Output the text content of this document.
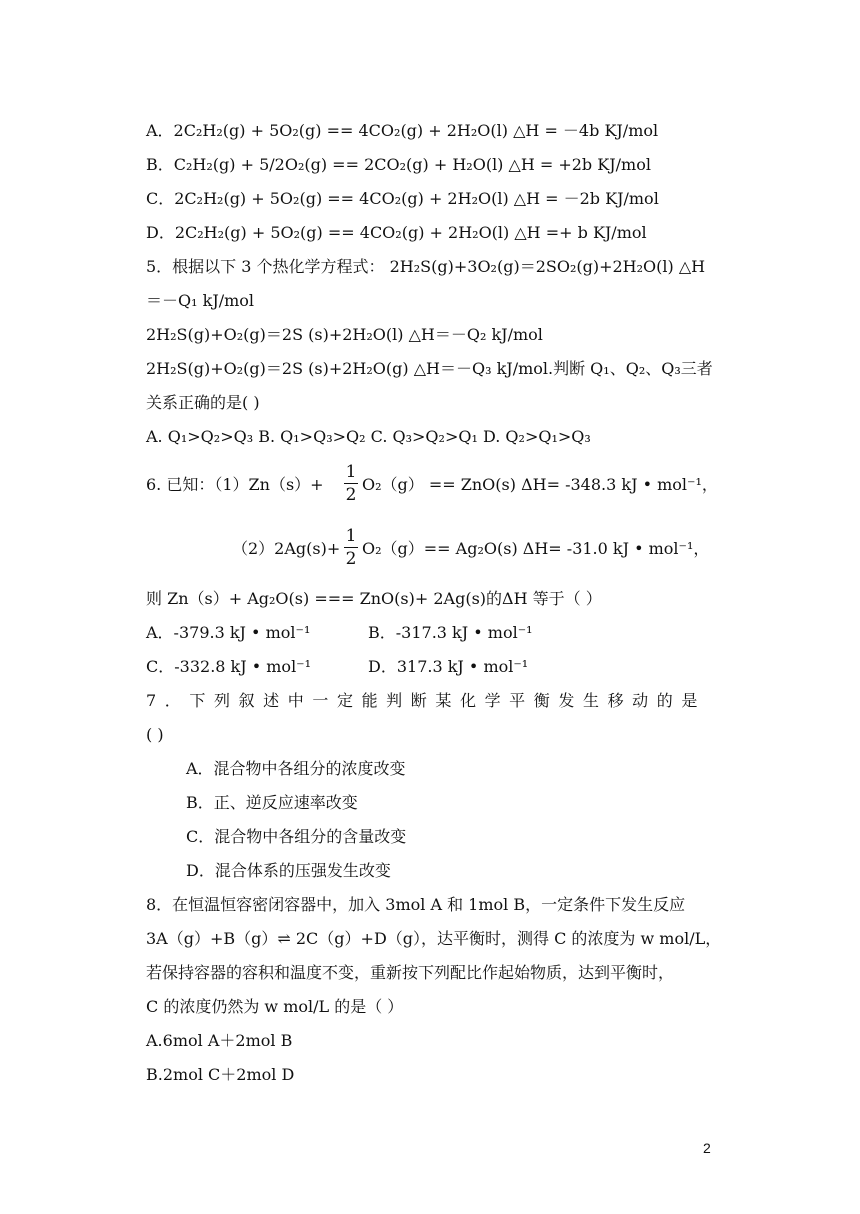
A．2C₂H₂(g) + 5O₂(g) == 4CO₂(g) + 2H₂O(l) △H = －4b KJ/mol
B．C₂H₂(g) + 5/2O₂(g) == 2CO₂(g) + H₂O(l) △H = +2b KJ/mol
C．2C₂H₂(g) + 5O₂(g) == 4CO₂(g) + 2H₂O(l) △H = －2b KJ/mol
D．2C₂H₂(g) + 5O₂(g) == 4CO₂(g) + 2H₂O(l) △H =+ b KJ/mol
5．根据以下 3 个热化学方程式： 2H₂S(g)+3O₂(g)＝2SO₂(g)+2H₂O(l) △H
＝－Q₁ kJ/mol
2H₂S(g)+O₂(g)＝2S (s)+2H₂O(l) △H＝－Q₂ kJ/mol
2H₂S(g)+O₂(g)＝2S (s)+2H₂O(g) △H＝－Q₃ kJ/mol.判断 Q₁、Q₂、Q₃三者
关系正确的是( )
A. Q₁>Q₂>Q₃ B. Q₁>Q₃>Q₂ C. Q₃>Q₂>Q₁ D. Q₂>Q₁>Q₃
6. 已知：（1）Zn（s）+
1
2
O₂（g） == ZnO(s) ΔH= -348.3 kJ • mol⁻¹，
（2）2Ag(s)+
1
2
O₂（g）== Ag₂O(s) ΔH= -31.0 kJ • mol⁻¹，
则 Zn（s）+ Ag₂O(s) === ZnO(s)+ 2Ag(s)的ΔH 等于（ ）
A．-379.3 kJ • mol⁻¹	B．-317.3 kJ • mol⁻¹
C．-332.8 kJ • mol⁻¹	D．317.3 kJ • mol⁻¹
7．下列叙述中一定能判断某化学平衡发生移动的是
( )
A．混合物中各组分的浓度改变
B．正、逆反应速率改变
C．混合物中各组分的含量改变
D．混合体系的压强发生改变
8．在恒温恒容密闭容器中，加入 3mol A 和 1mol B，一定条件下发生反应
3A（g）+B（g）⇌ 2C（g）+D（g），达平衡时，测得 C 的浓度为 w mol/L，
若保持容器的容积和温度不变，重新按下列配比作起始物质，达到平衡时，
C 的浓度仍然为 w mol/L 的是（ ）
A.6mol A＋2mol B
B.2mol C＋2mol D
2
